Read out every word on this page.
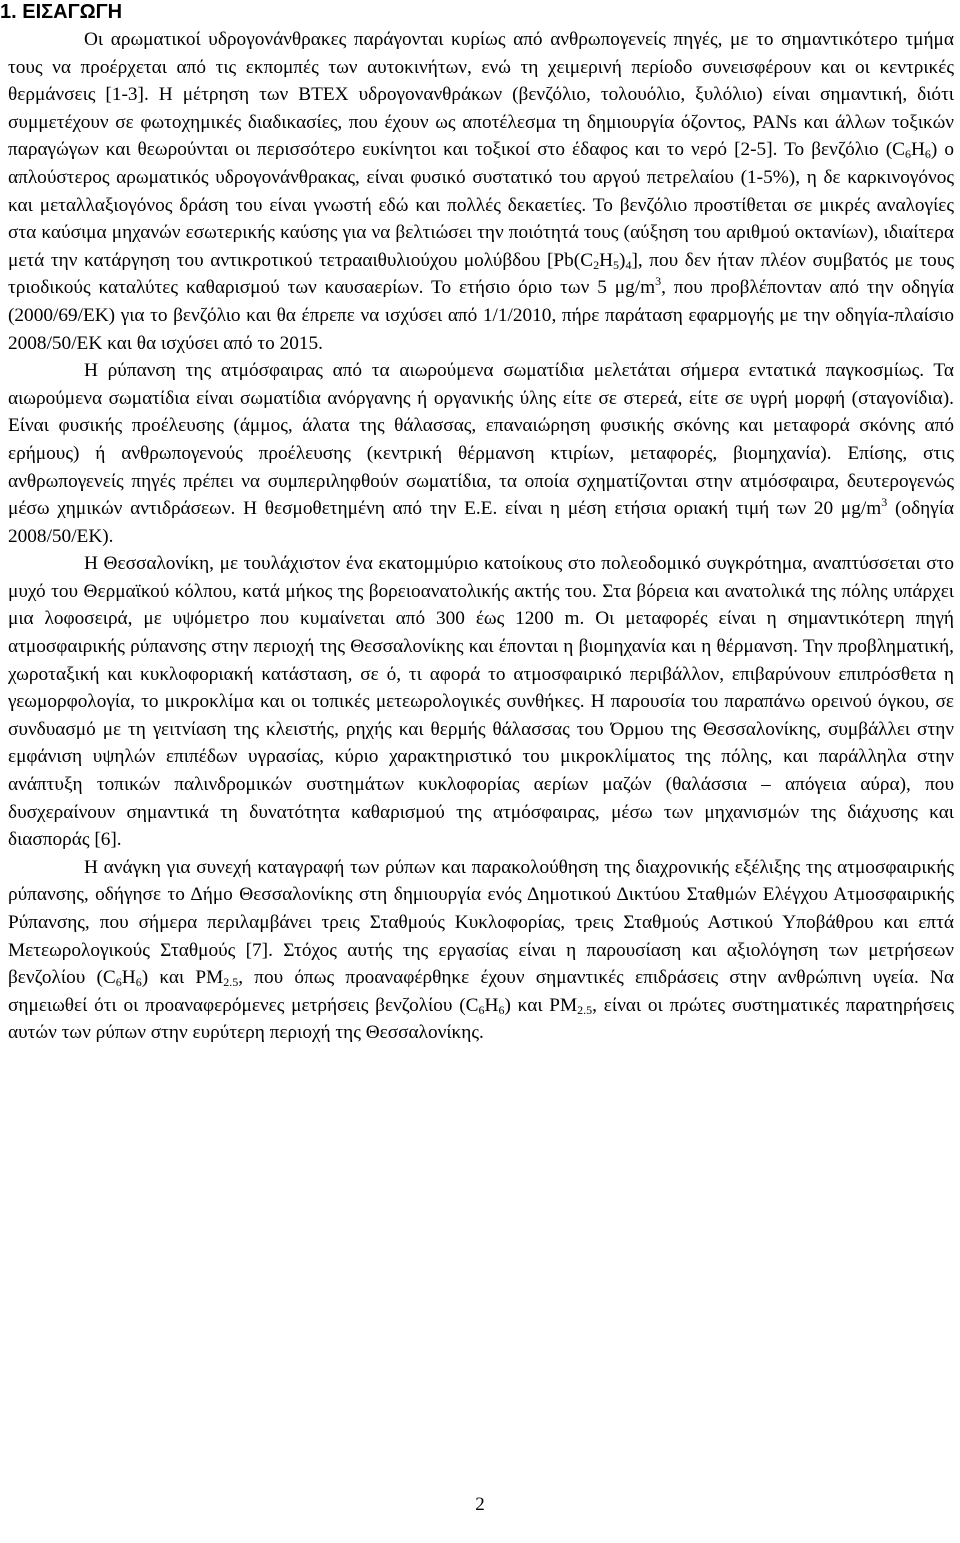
1. ΕΙΣΑΓΩΓΗ

Οι αρωματικοί υδρογονάνθρακες παράγονται κυρίως από ανθρωπογενείς πηγές, με το σημαντικότερο τμήμα τους να προέρχεται από τις εκπομπές των αυτοκινήτων, ενώ τη χειμερινή περίοδο συνεισφέρουν και οι κεντρικές θερμάνσεις [1-3]. Η μέτρηση των BTEX υδρογονανθράκων (βενζόλιο, τολουόλιο, ξυλόλιο) είναι σημαντική, διότι συμμετέχουν σε φωτοχημικές διαδικασίες, που έχουν ως αποτέλεσμα τη δημιουργία όζοντος, PANs και άλλων τοξικών παραγώγων και θεωρούνται οι περισσότερο ευκίνητοι και τοξικοί στο έδαφος και το νερό [2-5]. Το βενζόλιο $(C_6H_6)$ ο απλούστερος αρωματικός υδρογονάνθρακας, είναι φυσικό συστατικό του αργού πετρελαίου (1-5%), η δε καρκινογόνος και μεταλλαξιογόνος δράση του είναι γνωστή εδώ και πολλές δεκαετίες. Το βενζόλιο προστίθεται σε μικρές αναλογίες στα καύσιμα μηχανών εσωτερικής καύσης για να βελτιώσει την ποιότητά τους (αύξηση του αριθμού οκτανίων), ιδιαίτερα μετά την κατάργηση του αντικροτικού τετρααιθυλιούχου μολύβδου $[Pb(C_2H_5)_4]$, που δεν ήταν πλέον συμβατός με τους τριοδικούς καταλύτες καθαρισμού των καυσαερίων. Το ετήσιο όριο των 5 $\mu g/m^3$, που προβλέπονταν από την οδηγία (2000/69/ΕΚ) για το βενζόλιο και θα έπρεπε να ισχύσει από 1/1/2010, πήρε παράταση εφαρμογής με την οδηγία-πλαίσιο 2008/50/ΕΚ και θα ισχύσει από το 2015.

Η ρύπανση της ατμόσφαιρας από τα αιωρούμενα σωματίδια μελετάται σήμερα εντατικά παγκοσμίως. Τα αιωρούμενα σωματίδια είναι σωματίδια ανόργανης ή οργανικής ύλης είτε σε στερεά, είτε σε υγρή μορφή (σταγονίδια). Είναι φυσικής προέλευσης (άμμος, άλατα της θάλασσας, επαναιώρηση φυσικής σκόνης και μεταφορά σκόνης από ερήμους) ή ανθρωπογενούς προέλευσης (κεντρική θέρμανση κτιρίων, μεταφορές, βιομηχανία). Επίσης, στις ανθρωπογενείς πηγές πρέπει να συμπεριληφθούν σωματίδια, τα οποία σχηματίζονται στην ατμόσφαιρα, δευτερογενώς μέσω χημικών αντιδράσεων. Η θεσμοθετημένη από την Ε.Ε. είναι η μέση ετήσια οριακή τιμή των 20 $\mu g/m^3$ (οδηγία 2008/50/ΕΚ).

Η Θεσσαλονίκη, με τουλάχιστον ένα εκατομμύριο κατοίκους στο πολεοδομικό συγκρότημα, αναπτύσσεται στο μυχό του Θερμαϊκού κόλπου, κατά μήκος της βορειοανατολικής ακτής του. Στα βόρεια και ανατολικά της πόλης υπάρχει μια λοφοσειρά, με υψόμετρο που κυμαίνεται από 300 έως 1200 m. Οι μεταφορές είναι η σημαντικότερη πηγή ατμοσφαιρικής ρύπανσης στην περιοχή της Θεσσαλονίκης και έπονται η βιομηχανία και η θέρμανση. Την προβληματική, χωροταξική και κυκλοφοριακή κατάσταση, σε ό, τι αφορά το ατμοσφαιρικό περιβάλλον, επιβαρύνουν επιπρόσθετα η γεωμορφολογία, το μικροκλίμα και οι τοπικές μετεωρολογικές συνθήκες. Η παρουσία του παραπάνω ορεινού όγκου, σε συνδυασμό με τη γειτνίαση της κλειστής, ρηχής και θερμής θάλασσας του Όρμου της Θεσσαλονίκης, συμβάλλει στην εμφάνιση υψηλών επιπέδων υγρασίας, κύριο χαρακτηριστικό του μικροκλίματος της πόλης, και παράλληλα στην ανάπτυξη τοπικών παλινδρομικών συστημάτων κυκλοφορίας αερίων μαζών (θαλάσσια – απόγεια αύρα), που δυσχεραίνουν σημαντικά τη δυνατότητα καθαρισμού της ατμόσφαιρας, μέσω των μηχανισμών της διάχυσης και διασποράς [6].

Η ανάγκη για συνεχή καταγραφή των ρύπων και παρακολούθηση της διαχρονικής εξέλιξης της ατμοσφαιρικής ρύπανσης, οδήγησε το Δήμο Θεσσαλονίκης στη δημιουργία ενός Δημοτικού Δικτύου Σταθμών Ελέγχου Ατμοσφαιρικής Ρύπανσης, που σήμερα περιλαμβάνει τρεις Σταθμούς Κυκλοφορίας, τρεις Σταθμούς Αστικού Υποβάθρου και επτά Μετεωρολογικούς Σταθμούς [7]. Στόχος αυτής της εργασίας είναι η παρουσίαση και αξιολόγηση των μετρήσεων βενζολίου $(C_6H_6)$ και $PM_{2.5}$, που όπως προαναφέρθηκε έχουν σημαντικές επιδράσεις στην ανθρώπινη υγεία. Να σημειωθεί ότι οι προαναφερόμενες μετρήσεις βενζολίου $(C_6H_6)$ και $PM_{2.5}$, είναι οι πρώτες συστηματικές παρατηρήσεις αυτών των ρύπων στην ευρύτερη περιοχή της Θεσσαλονίκης.

2
